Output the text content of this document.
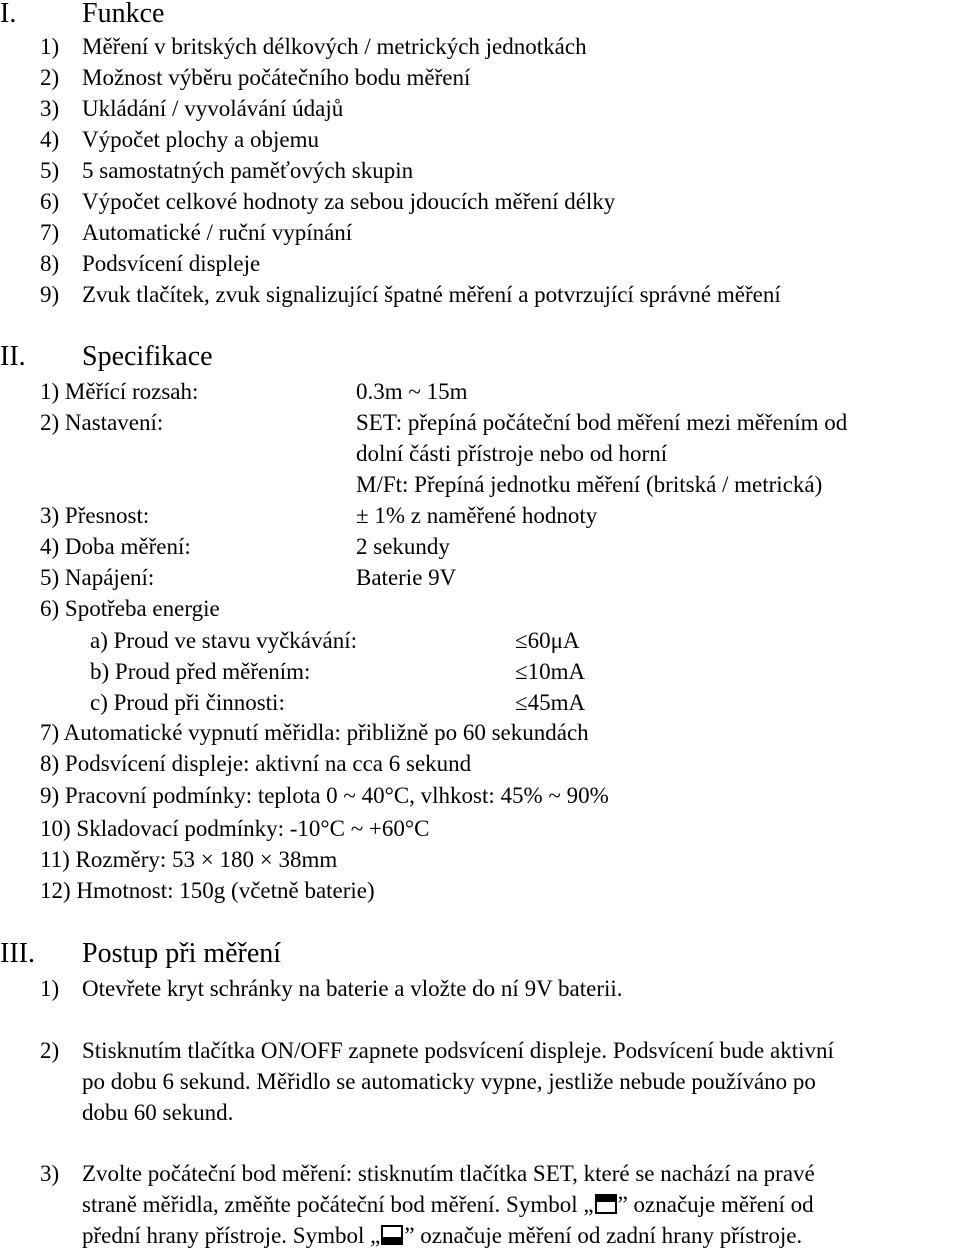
I. Funkce
1) Měření v britských délkových / metrických jednotkách
2) Možnost výběru počátečního bodu měření
3) Ukládání / vyvolávání údajů
4) Výpočet plochy a objemu
5) 5 samostatných paměťových skupin
6) Výpočet celkové hodnoty za sebou jdoucích měření délky
7) Automatické / ruční vypínání
8) Podsvícení displeje
9) Zvuk tlačítek, zvuk signalizující špatné měření a potvrzující správné měření
II. Specifikace
1) Měřící rozsah:	0.3m ~ 15m
2) Nastavení:	SET: přepíná počáteční bod měření mezi měřením od
dolní části přístroje nebo od horní
M/Ft: Přepíná jednotku měření (britská / metrická)
3) Přesnost:	± 1% z naměřené hodnoty
4) Doba měření:	2 sekundy
5) Napájení:	Baterie 9V
6) Spotřeba energie
a) Proud ve stavu vyčkávání:	≤60μA
b) Proud před měřením:	≤10mA
c) Proud při činnosti:	≤45mA
7) Automatické vypnutí měřidla: přibližně po 60 sekundách
8) Podsvícení displeje: aktivní na cca 6 sekund
9) Pracovní podmínky: teplota 0 ~ 40°C, vlhkost: 45% ~ 90%
10) Skladovací podmínky: -10°C ~ +60°C
11) Rozměry: 53 × 180 × 38mm
12) Hmotnost: 150g (včetně baterie)
III. Postup při měření
1) Otevřete kryt schránky na baterie a vložte do ní 9V baterii.
2) Stisknutím tlačítka ON/OFF zapnete podsvícení displeje. Podsvícení bude aktivní
po dobu 6 sekund. Měřidlo se automaticky vypne, jestliže nebude používáno po
dobu 60 sekund.
3) Zvolte počáteční bod měření: stisknutím tlačítka SET, které se nachází na pravé
straně měřidla, změňte počáteční bod měření. Symbol „ ” označuje měření od
přední hrany přístroje. Symbol „ ” označuje měření od zadní hrany přístroje.
